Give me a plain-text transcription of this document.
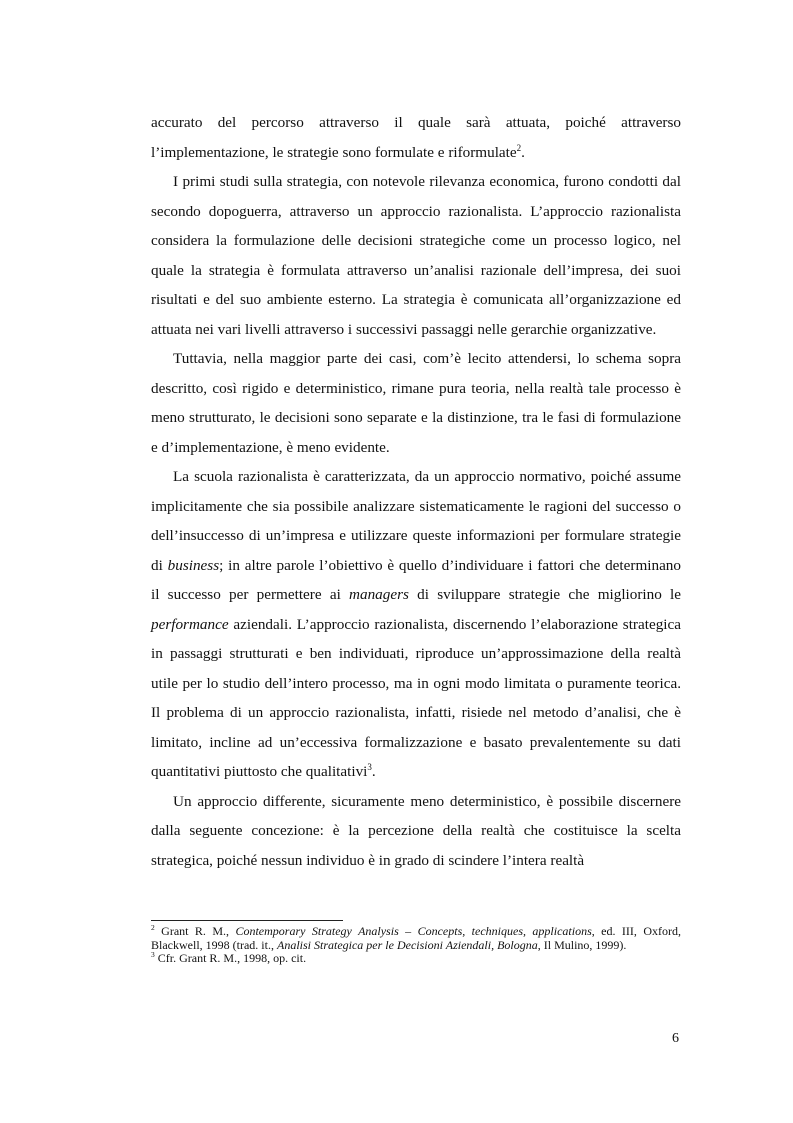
accurato del percorso attraverso il quale sarà attuata, poiché attraverso l’implementazione, le strategie sono formulate e riformulate$^2$.

I primi studi sulla strategia, con notevole rilevanza economica, furono condotti dal secondo dopoguerra, attraverso un approccio razionalista. L’approccio razionalista considera la formulazione delle decisioni strategiche come un processo logico, nel quale la strategia è formulata attraverso un’analisi razionale dell’impresa, dei suoi risultati e del suo ambiente esterno. La strategia è comunicata all’organizzazione ed attuata nei vari livelli attraverso i successivi passaggi nelle gerarchie organizzative.

Tuttavia, nella maggior parte dei casi, com’è lecito attendersi, lo schema sopra descritto, così rigido e deterministico, rimane pura teoria, nella realtà tale processo è meno strutturato, le decisioni sono separate e la distinzione, tra le fasi di formulazione e d’implementazione, è meno evidente.

La scuola razionalista è caratterizzata, da un approccio normativo, poiché assume implicitamente che sia possibile analizzare sistematicamente le ragioni del successo o dell’insuccesso di un’impresa e utilizzare queste informazioni per formulare strategie di business; in altre parole l’obiettivo è quello d’individuare i fattori che determinano il successo per permettere ai managers di sviluppare strategie che migliorino le performance aziendali. L’approccio razionalista, discernendo l’elaborazione strategica in passaggi strutturati e ben individuati, riproduce un’approssimazione della realtà utile per lo studio dell’intero processo, ma in ogni modo limitata o puramente teorica. Il problema di un approccio razionalista, infatti, risiede nel metodo d’analisi, che è limitato, incline ad un’eccessiva formalizzazione e basato prevalentemente su dati quantitativi piuttosto che qualitativi$^3$.

Un approccio differente, sicuramente meno deterministico, è possibile discernere dalla seguente concezione: è la percezione della realtà che costituisce la scelta strategica, poiché nessun individuo è in grado di scindere l’intera realtà

$^2$ Grant R. M., Contemporary Strategy Analysis – Concepts, techniques, applications, ed. III, Oxford, Blackwell, 1998 (trad. it., Analisi Strategica per le Decisioni Aziendali, Bologna, Il Mulino, 1999).

$^3$ Cfr. Grant R. M., 1998, op. cit.

6
